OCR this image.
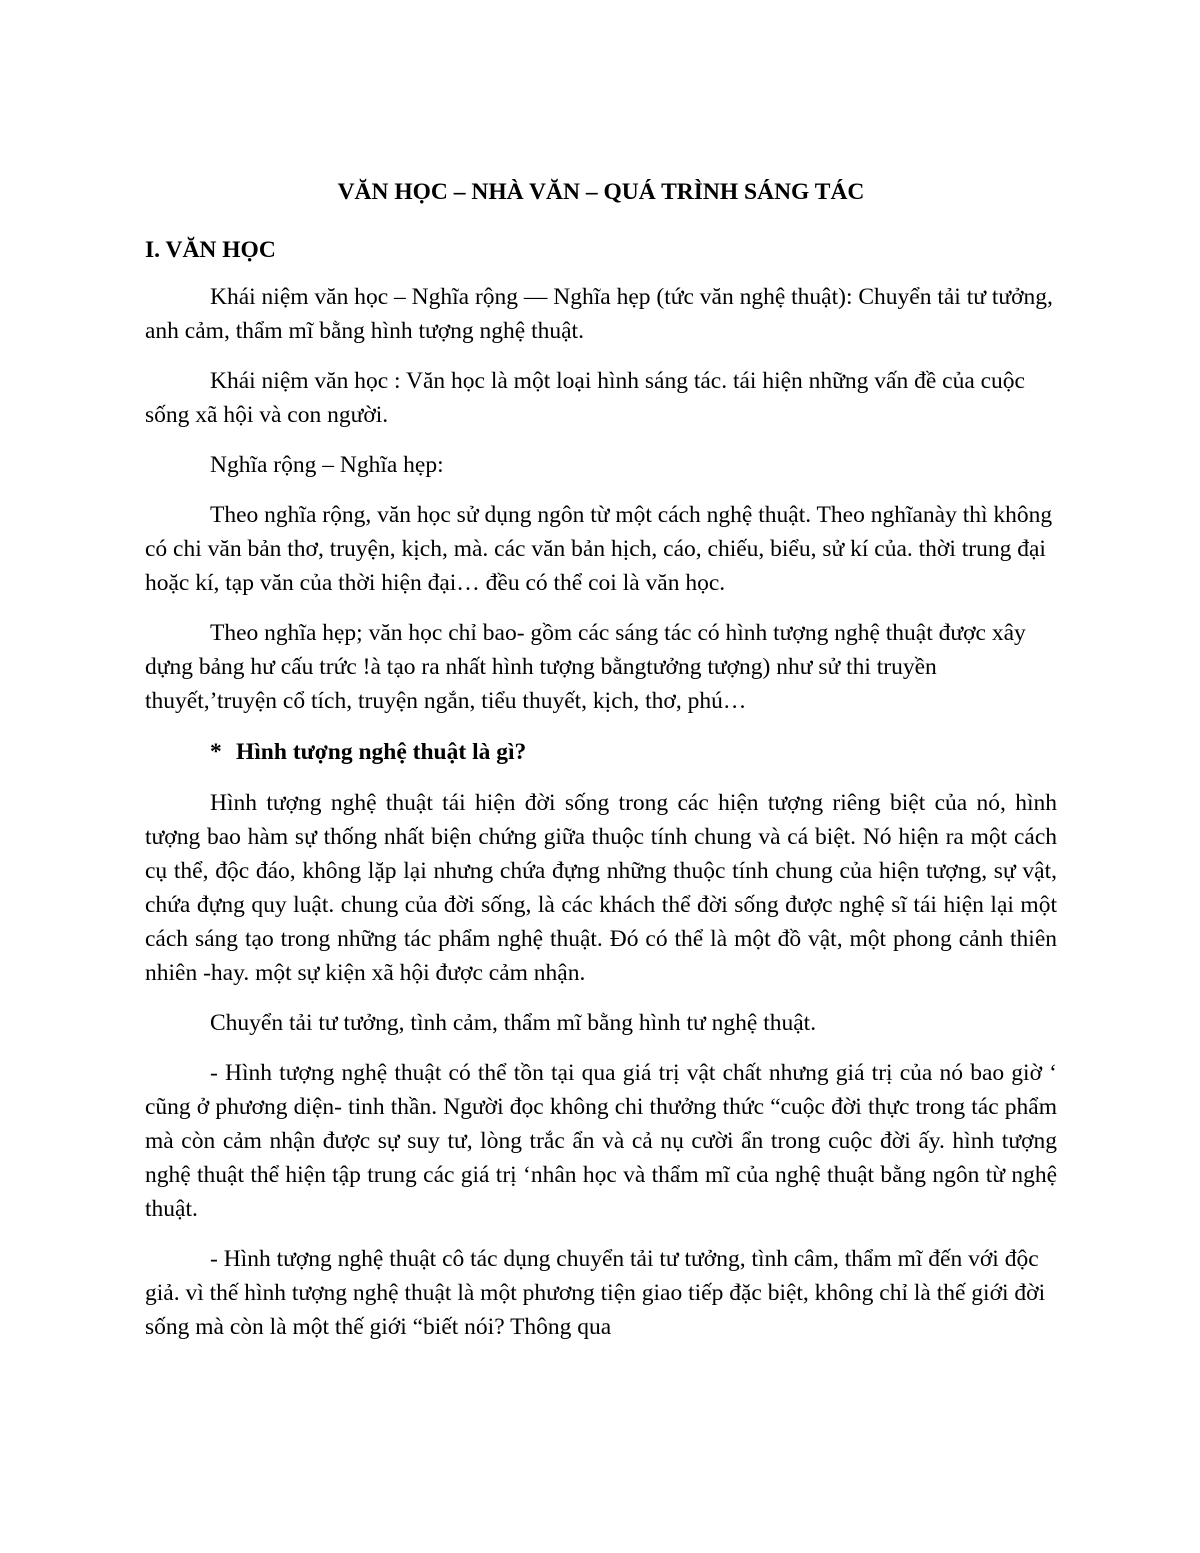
VĂN HỌC – NHÀ VĂN – QUÁ TRÌNH SÁNG TÁC
I. VĂN HỌC

Khái niệm văn học – Nghĩa rộng — Nghĩa hẹp (tức văn nghệ thuật): Chuyển tải tư tưởng, anh cảm, thẩm mĩ bằng hình tượng nghệ thuật.

Khái niệm văn học : Văn học là một loại hình sáng tác. tái hiện những vấn đề của cuộc sống xã hội và con người.

Nghĩa rộng – Nghĩa hẹp:

Theo nghĩa rộng, văn học sử dụng ngôn từ một cách nghệ thuật. Theo nghĩanày thì không có chi văn bản thơ, truyện, kịch, mà. các văn bản hịch, cáo, chiếu, biểu, sử kí của. thời trung đại hoặc kí, tạp văn của thời hiện đại… đều có thể coi là văn học.

Theo nghĩa hẹp; văn học chỉ bao- gồm các sáng tác có hình tượng nghệ thuật được xây dựng bảng hư cấu trức !à tạo ra nhất hình tượng bằngtưởng tượng) như sử thi truyền thuyết,’truyện cổ tích, truyện ngắn, tiểu thuyết, kịch, thơ, phú…

* Hình tượng nghệ thuật là gì?

Hình tượng nghệ thuật tái hiện đời sống trong các hiện tượng riêng biệt của nó, hình tượng bao hàm sự thống nhất biện chứng giữa thuộc tính chung và cá biệt. Nó hiện ra một cách cụ thể, độc đáo, không lặp lại nhưng chứa đựng những thuộc tính chung của hiện tượng, sự vật, chứa đựng quy luật. chung của đời sống, là các khách thể đời sống được nghệ sĩ tái hiện lại một cách sáng tạo trong những tác phẩm nghệ thuật. Đó có thể là một đồ vật, một phong cảnh thiên nhiên -hay. một sự kiện xã hội được cảm nhận.

Chuyển tải tư tưởng, tình cảm, thẩm mĩ bằng hình tư nghệ thuật.

- Hình tượng nghệ thuật có thể tồn tại qua giá trị vật chất nhưng giá trị của nó bao giờ ‘ cũng ở phương diện- tinh thần. Người đọc không chi thưởng thức “cuộc đời thực trong tác phẩm mà còn cảm nhận được sự suy tư, lòng trắc ẩn và cả nụ cười ẩn trong cuộc đời ấy. hình tượng nghệ thuật thể hiện tập trung các giá trị ‘nhân học và thẩm mĩ của nghệ thuật bằng ngôn từ nghệ thuật.

- Hình tượng nghệ thuật cô tác dụng chuyển tải tư tưởng, tình câm, thẩm mĩ đến với độc giả. vì thế hình tượng nghệ thuật là một phương tiện giao tiếp đặc biệt, không chỉ là thế giới đời sống mà còn là một thế giới “biết nói? Thông qua
